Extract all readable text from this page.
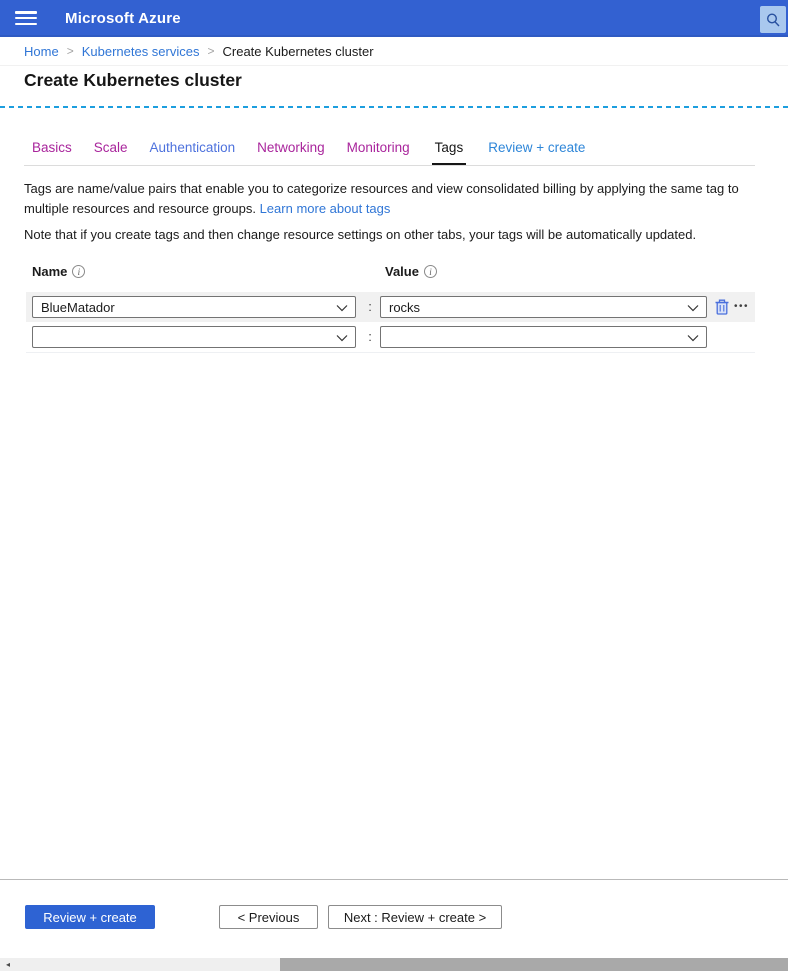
Microsoft Azure
Home > Kubernetes services > Create Kubernetes cluster
Create Kubernetes cluster
Basics Scale Authentication Networking Monitoring Tags Review + create

Tags are name/value pairs that enable you to categorize resources and view consolidated billing by applying the same tag to multiple resources and resource groups. Learn more about tags

Note that if you create tags and then change resource settings on other tabs, your tags will be automatically updated.

Name	i	Value	i
BlueMatador	: rocks	•••
:
Review + create	< Previous	Next : Review + create >
◂
